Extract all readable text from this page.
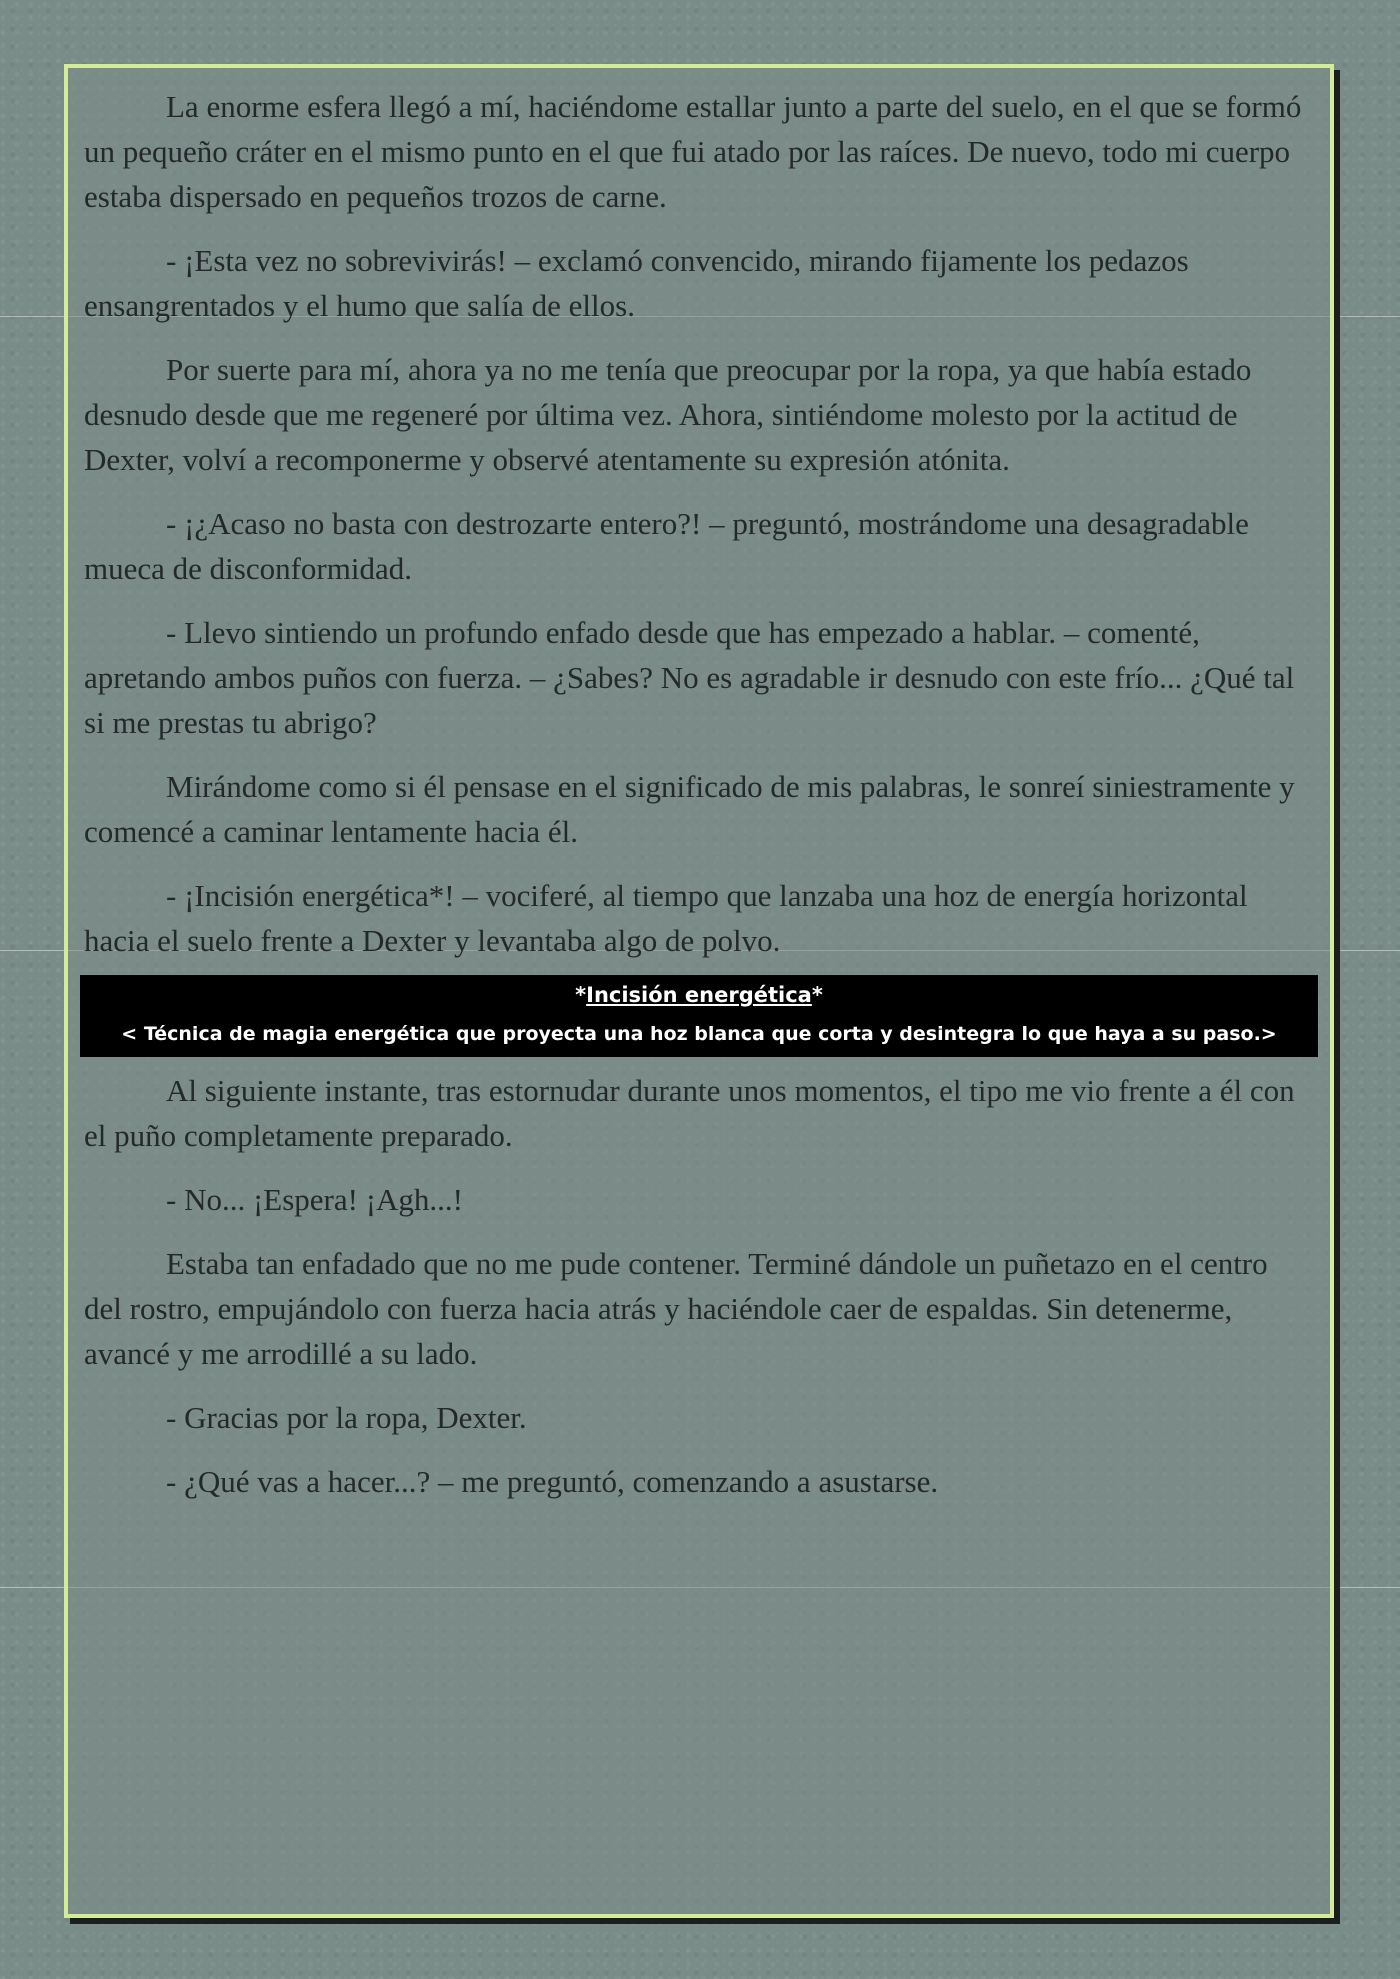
La enorme esfera llegó a mí, haciéndome estallar junto a parte del suelo, en el que se formó un pequeño cráter en el mismo punto en el que fui atado por las raíces. De nuevo, todo mi cuerpo estaba dispersado en pequeños trozos de carne.

- ¡Esta vez no sobrevivirás! – exclamó convencido, mirando fijamente los pedazos ensangrentados y el humo que salía de ellos.

Por suerte para mí, ahora ya no me tenía que preocupar por la ropa, ya que había estado desnudo desde que me regeneré por última vez. Ahora, sintiéndome molesto por la actitud de Dexter, volví a recomponerme y observé atentamente su expresión atónita.

- ¡¿Acaso no basta con destrozarte entero?! – preguntó, mostrándome una desagradable mueca de disconformidad.

- Llevo sintiendo un profundo enfado desde que has empezado a hablar. – comenté, apretando ambos puños con fuerza. – ¿Sabes? No es agradable ir desnudo con este frío... ¿Qué tal si me prestas tu abrigo?

Mirándome como si él pensase en el significado de mis palabras, le sonreí siniestramente y comencé a caminar lentamente hacia él.

- ¡Incisión energética*! – vociferé, al tiempo que lanzaba una hoz de energía horizontal hacia el suelo frente a Dexter y levantaba algo de polvo.

*Incisión energética*
< Técnica de magia energética que proyecta una hoz blanca que corta y desintegra lo que haya a su paso.>

Al siguiente instante, tras estornudar durante unos momentos, el tipo me vio frente a él con el puño completamente preparado.

- No... ¡Espera! ¡Agh...!

Estaba tan enfadado que no me pude contener. Terminé dándole un puñetazo en el centro del rostro, empujándolo con fuerza hacia atrás y haciéndole caer de espaldas. Sin detenerme, avancé y me arrodillé a su lado.

- Gracias por la ropa, Dexter.

- ¿Qué vas a hacer...? – me preguntó, comenzando a asustarse.
